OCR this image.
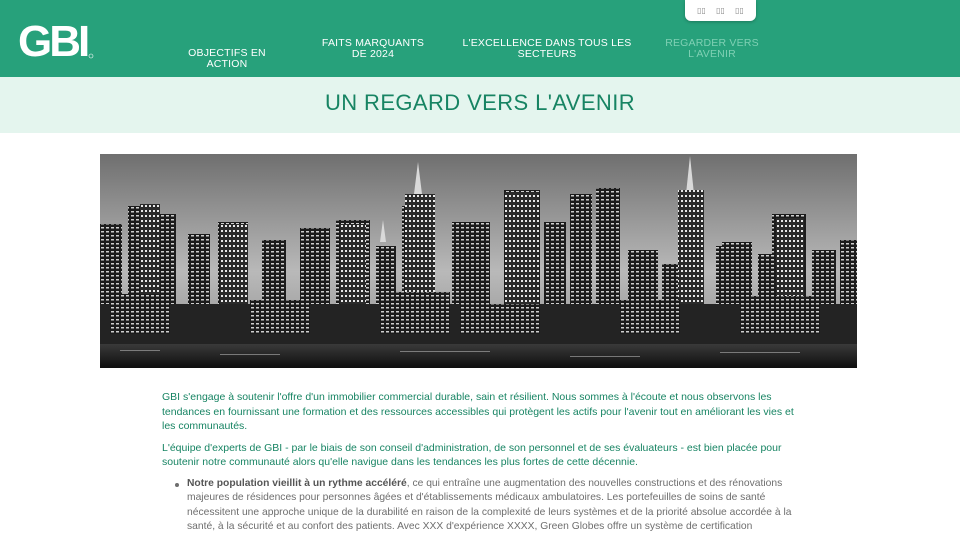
GBI	OBJECTIFS EN ACTION
FAITS MARQUANTS
DE 2024
L'EXCELLENCE DANS TOUS LES
SECTEURS
REGARDER VERS
L'AVENIR
▯▯ ▯▯ ▯▯
UN REGARD VERS L'AVENIR

GBI s'engage à soutenir l'offre d'un immobilier commercial durable, sain et résilient. Nous sommes à l'écoute et nous observons les tendances en fournissant une formation et des ressources accessibles qui protègent les actifs pour l'avenir tout en améliorant les vies et les communautés.

L'équipe d'experts de GBI - par le biais de son conseil d'administration, de son personnel et de ses évaluateurs - est bien placée pour soutenir notre communauté alors qu'elle navigue dans les tendances les plus fortes de cette décennie.

Notre population vieillit à un rythme accéléré, ce qui entraîne une augmentation des nouvelles constructions et des rénovations majeures de résidences pour personnes âgées et d'établissements médicaux ambulatoires. Les portefeuilles de soins de santé nécessitent une approche unique de la durabilité en raison de la complexité de leurs systèmes et de la priorité absolue accordée à la santé, à la sécurité et au confort des patients. Avec XXX d'expérience XXXX, Green Globes offre un système de certification
